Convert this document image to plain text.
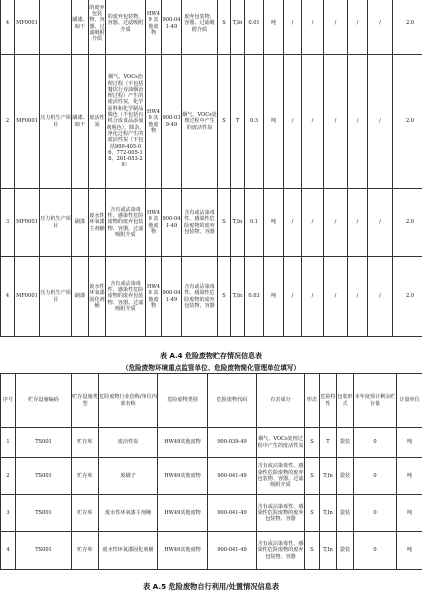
4	MF0001		刷漆、晾干	的废弃包装物、容器、过滤吸附介质	的废弃包装物、容器、过滤吸附介质	HW49 其他废物	900-041-49	废弃包装物、容器、过滤吸附介质	S	T,In	0.01	吨	/	/	/	/	/	2.0
2	MF0001	压力机生产项目	刷漆、晾干	废活性炭	烟气、VOCs治理过程（不包括餐饮行业油烟治理过程）产生的废活性炭，化学原料和化学制品脱色（不包括有机合成食品添加剂脱色）、除杂、净化过程产生的废活性炭（不包括900-405-06、772-005-18、261-053-29）	HW49 其他废物	900-039-49	烟气、VOCs处理过程中产生的废活性炭	S	T	0.3	吨	/	/	/	/	/	2.0
3	MF0001	压力机生产项目	刷漆	废水性环氧漆主剂桶	含有或沾染毒性、感染性危险废物的废弃包装物、容器、过滤吸附介质	HW49 其他废物	900-041-49	含有或沾染毒性、感染性危险废物的废弃包装物、容器	S	T,In	0.1	吨	/	/	/	/	/	2.0
4	MF0001	压力机生产项目	刷漆	废水性环氧漆固化剂桶	含有或沾染毒性、感染性危险废物的废弃包装物、容器、过滤吸附介质	HW49 其他废物	900-041-49	含有或沾染毒性、感染性危险废物的废弃包装物、容器	S	T,In	0.03	吨	/	/	/	/	/	2.0
表 A.4 危险废物贮存情况信息表
（危险废物环境重点监管单位、危险废物简化管理单位填写）
序号	贮存设施编码	贮存设施类型	危险废物行业俗称/单位内部名称	危险废物类别	危险废物代码	有害成分	形态	危险特性	包装形式	本年度预计剩余贮存量	计量单位
1	TS001	贮存库	废活性炭	HW49其他废物	900-039-49	烟气、VOCs处理过程中产生的废活性炭	S	T	袋装	0	吨
2	TS001	贮存库	废刷子	HW49其他废物	900-041-49	含有或沾染毒性、感染性危险废物的废弃包装物、容器、过滤吸附介质	S	T,In	袋装	0	吨
3	TS001	贮存库	废水性环氧漆主剂桶	HW49其他废物	900-041-49	含有或沾染毒性、感染性危险废物的废弃包装物、容器	S	T,In	袋装	0	吨
4	TS001	贮存库	废水性环氧漆固化剂桶	HW49其他废物	900-041-49	含有或沾染毒性、感染性危险废物的废弃包装物、容器	S	T,In	袋装	0	吨
表 A.5 危险废物自行利用/处置情况信息表
